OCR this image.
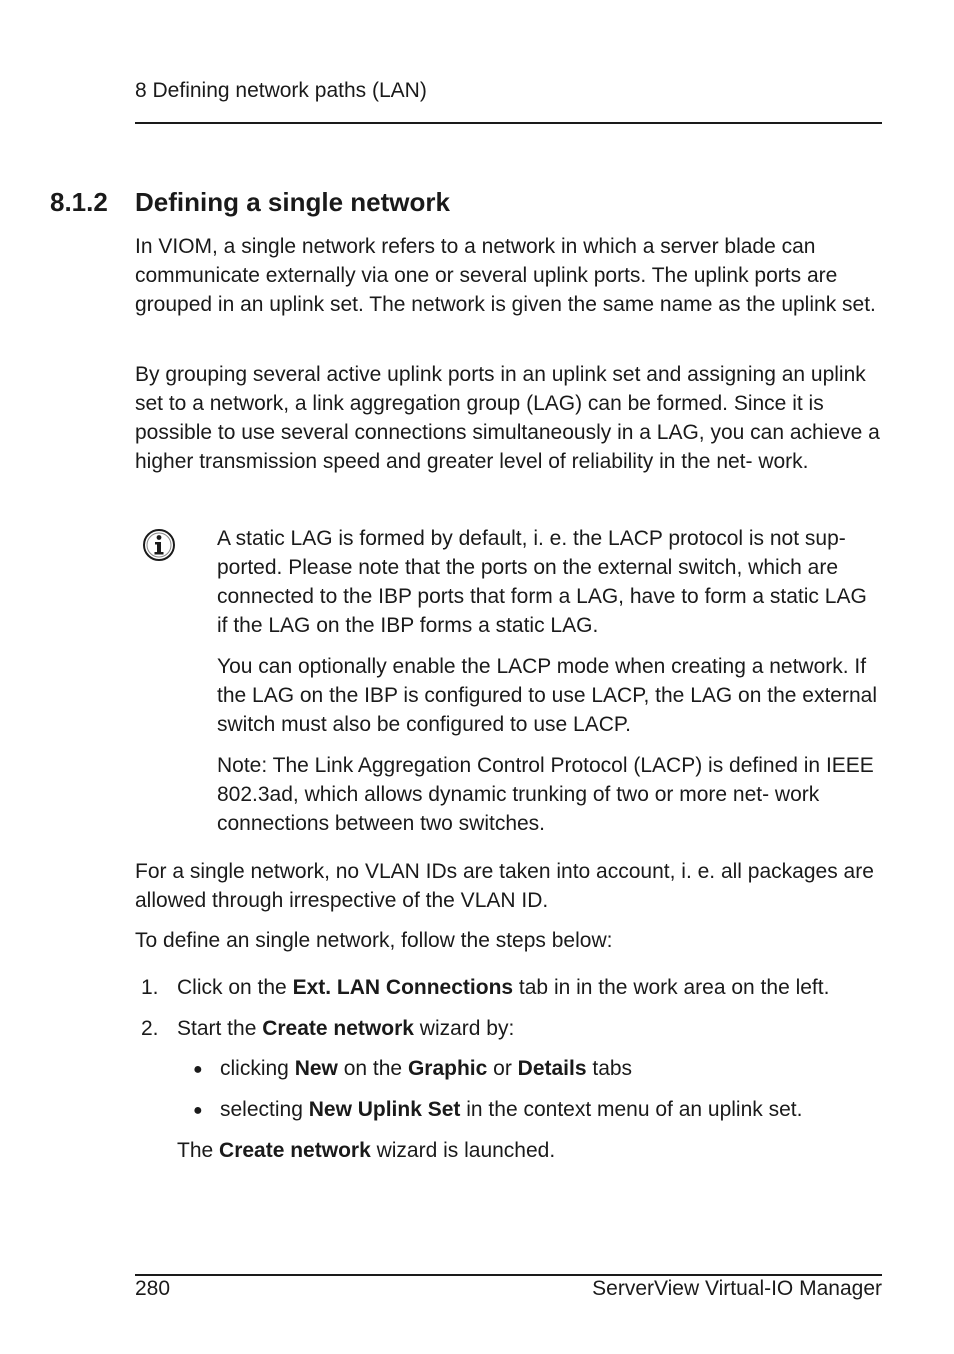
8 Defining network paths (LAN)
8.1.2 Defining a single network

In VIOM, a single network refers to a network in which a server blade can communicate externally via one or several uplink ports. The uplink ports are grouped in an uplink set. The network is given the same name as the uplink set.

By grouping several active uplink ports in an uplink set and assigning an uplink set to a network, a link aggregation group (LAG) can be formed. Since it is possible to use several connections simultaneously in a LAG, you can achieve a higher transmission speed and greater level of reliability in the net- work.

A static LAG is formed by default, i. e. the LACP protocol is not sup- ported. Please note that the ports on the external switch, which are connected to the IBP ports that form a LAG, have to form a static LAG if the LAG on the IBP forms a static LAG.

You can optionally enable the LACP mode when creating a network. If the LAG on the IBP is configured to use LACP, the LAG on the external switch must also be configured to use LACP.

Note: The Link Aggregation Control Protocol (LACP) is defined in IEEE 802.3ad, which allows dynamic trunking of two or more net- work connections between two switches.

For a single network, no VLAN IDs are taken into account, i. e. all packages are allowed through irrespective of the VLAN ID.

To define an single network, follow the steps below:

1. Click on the Ext. LAN Connections tab in in the work area on the left.
2. Start the Create network wizard by:
● clicking New on the Graphic or Details tabs
● selecting New Uplink Set in the context menu of an uplink set.
The Create network wizard is launched.
280	ServerView Virtual-IO Manager
